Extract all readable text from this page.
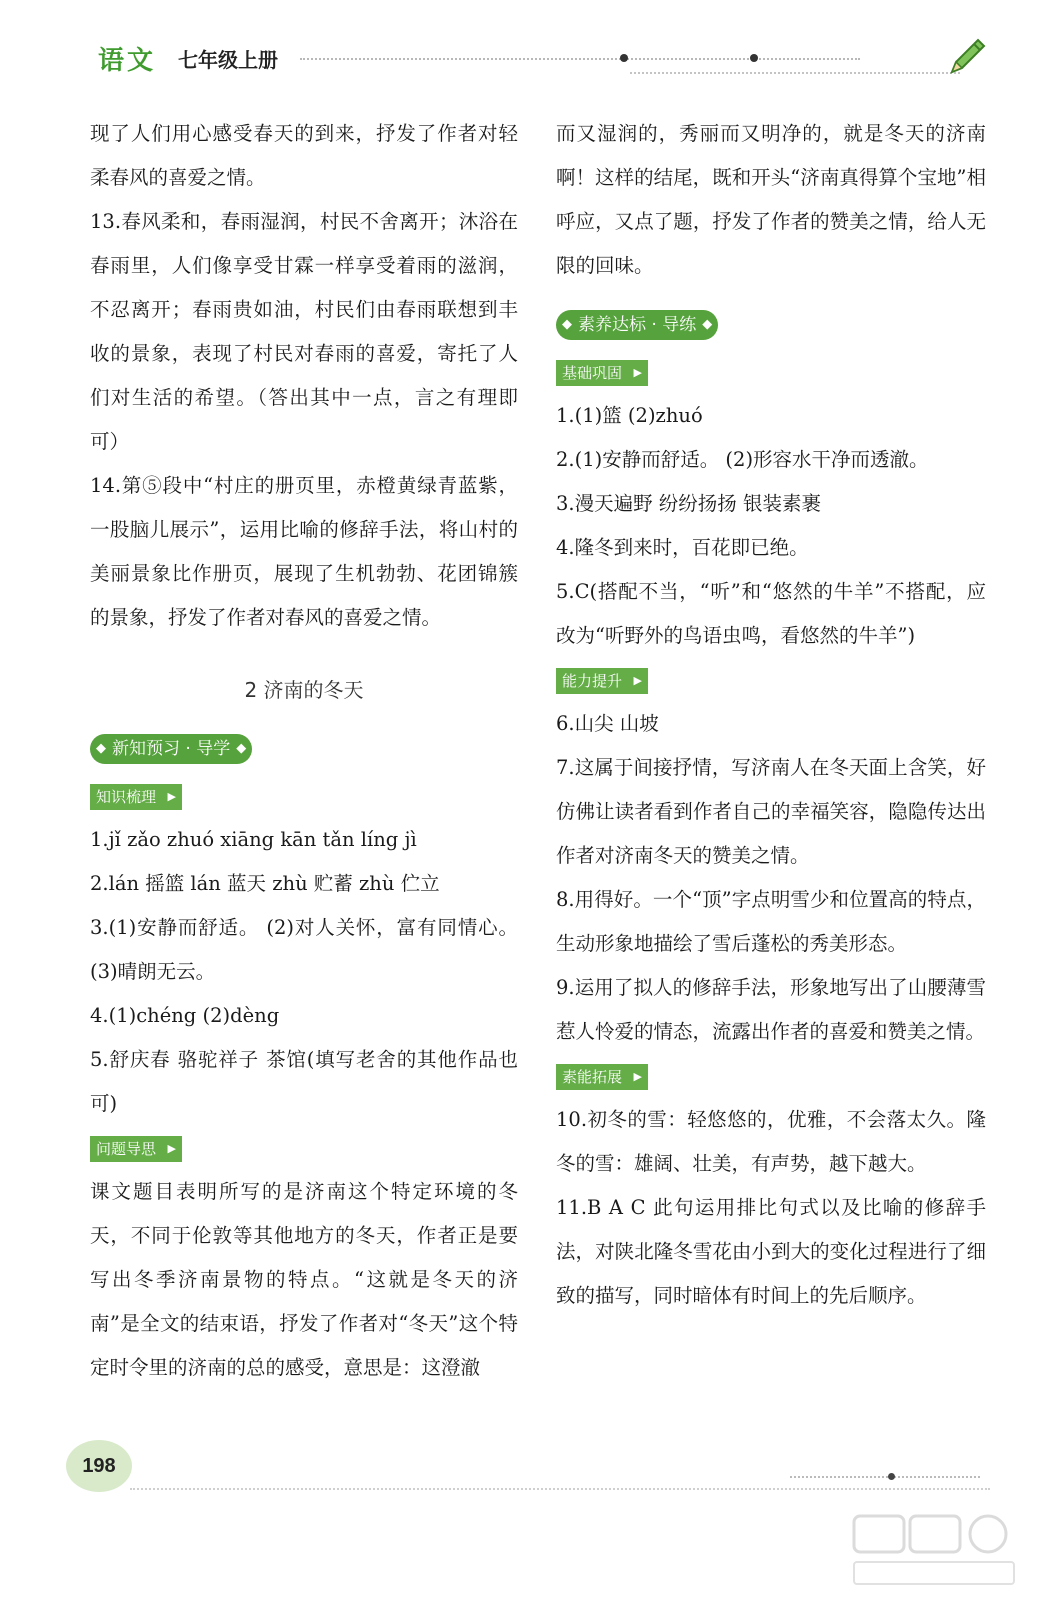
语文 七年级上册

现了人们用心感受春天的到来，抒发了作者对轻柔春风的喜爱之情。

13.春风柔和，春雨湿润，村民不舍离开；沐浴在春雨里，人们像享受甘霖一样享受着雨的滋润，不忍离开；春雨贵如油，村民们由春雨联想到丰收的景象，表现了村民对春雨的喜爱，寄托了人们对生活的希望。（答出其中一点，言之有理即可）

14.第⑤段中“村庄的册页里，赤橙黄绿青蓝紫，一股脑儿展示”，运用比喻的修辞手法，将山村的美丽景象比作册页，展现了生机勃勃、花团锦簇的景象，抒发了作者对春风的喜爱之情。

2 济南的冬天
◆ 新知预习 · 导学 ◆
知识梳理 ▶

1.jǐ zǎo zhuó xiāng kān tǎn líng jì

2.lán 摇篮 lán 蓝天 zhù 贮蓄 zhù 伫立

3.(1)安静而舒适。 (2)对人关怀，富有同情心。 (3)晴朗无云。

4.(1)chéng (2)dèng

5.舒庆春 骆驼祥子 茶馆(填写老舍的其他作品也可)

问题导思 ▶

课文题目表明所写的是济南这个特定环境的冬天，不同于伦敦等其他地方的冬天，作者正是要写出冬季济南景物的特点。“这就是冬天的济南”是全文的结束语，抒发了作者对“冬天”这个特定时令里的济南的总的感受，意思是：这澄澈

而又湿润的，秀丽而又明净的，就是冬天的济南啊！这样的结尾，既和开头“济南真得算个宝地”相呼应，又点了题，抒发了作者的赞美之情，给人无限的回味。

◆ 素养达标 · 导练 ◆
基础巩固 ▶

1.(1)篮 (2)zhuó

2.(1)安静而舒适。 (2)形容水干净而透澈。

3.漫天遍野 纷纷扬扬 银装素裹

4.隆冬到来时，百花即已绝。

5.C(搭配不当，“听”和“悠然的牛羊”不搭配，应改为“听野外的鸟语虫鸣，看悠然的牛羊”)

能力提升 ▶

6.山尖 山坡

7.这属于间接抒情，写济南人在冬天面上含笑，好仿佛让读者看到作者自己的幸福笑容，隐隐传达出作者对济南冬天的赞美之情。

8.用得好。一个“顶”字点明雪少和位置高的特点，生动形象地描绘了雪后蓬松的秀美形态。

9.运用了拟人的修辞手法，形象地写出了山腰薄雪惹人怜爱的情态，流露出作者的喜爱和赞美之情。

素能拓展 ▶

10.初冬的雪：轻悠悠的，优雅，不会落太久。隆冬的雪：雄阔、壮美，有声势，越下越大。

11.B A C 此句运用排比句式以及比喻的修辞手法，对陕北隆冬雪花由小到大的变化过程进行了细致的描写，同时暗体有时间上的先后顺序。

198
